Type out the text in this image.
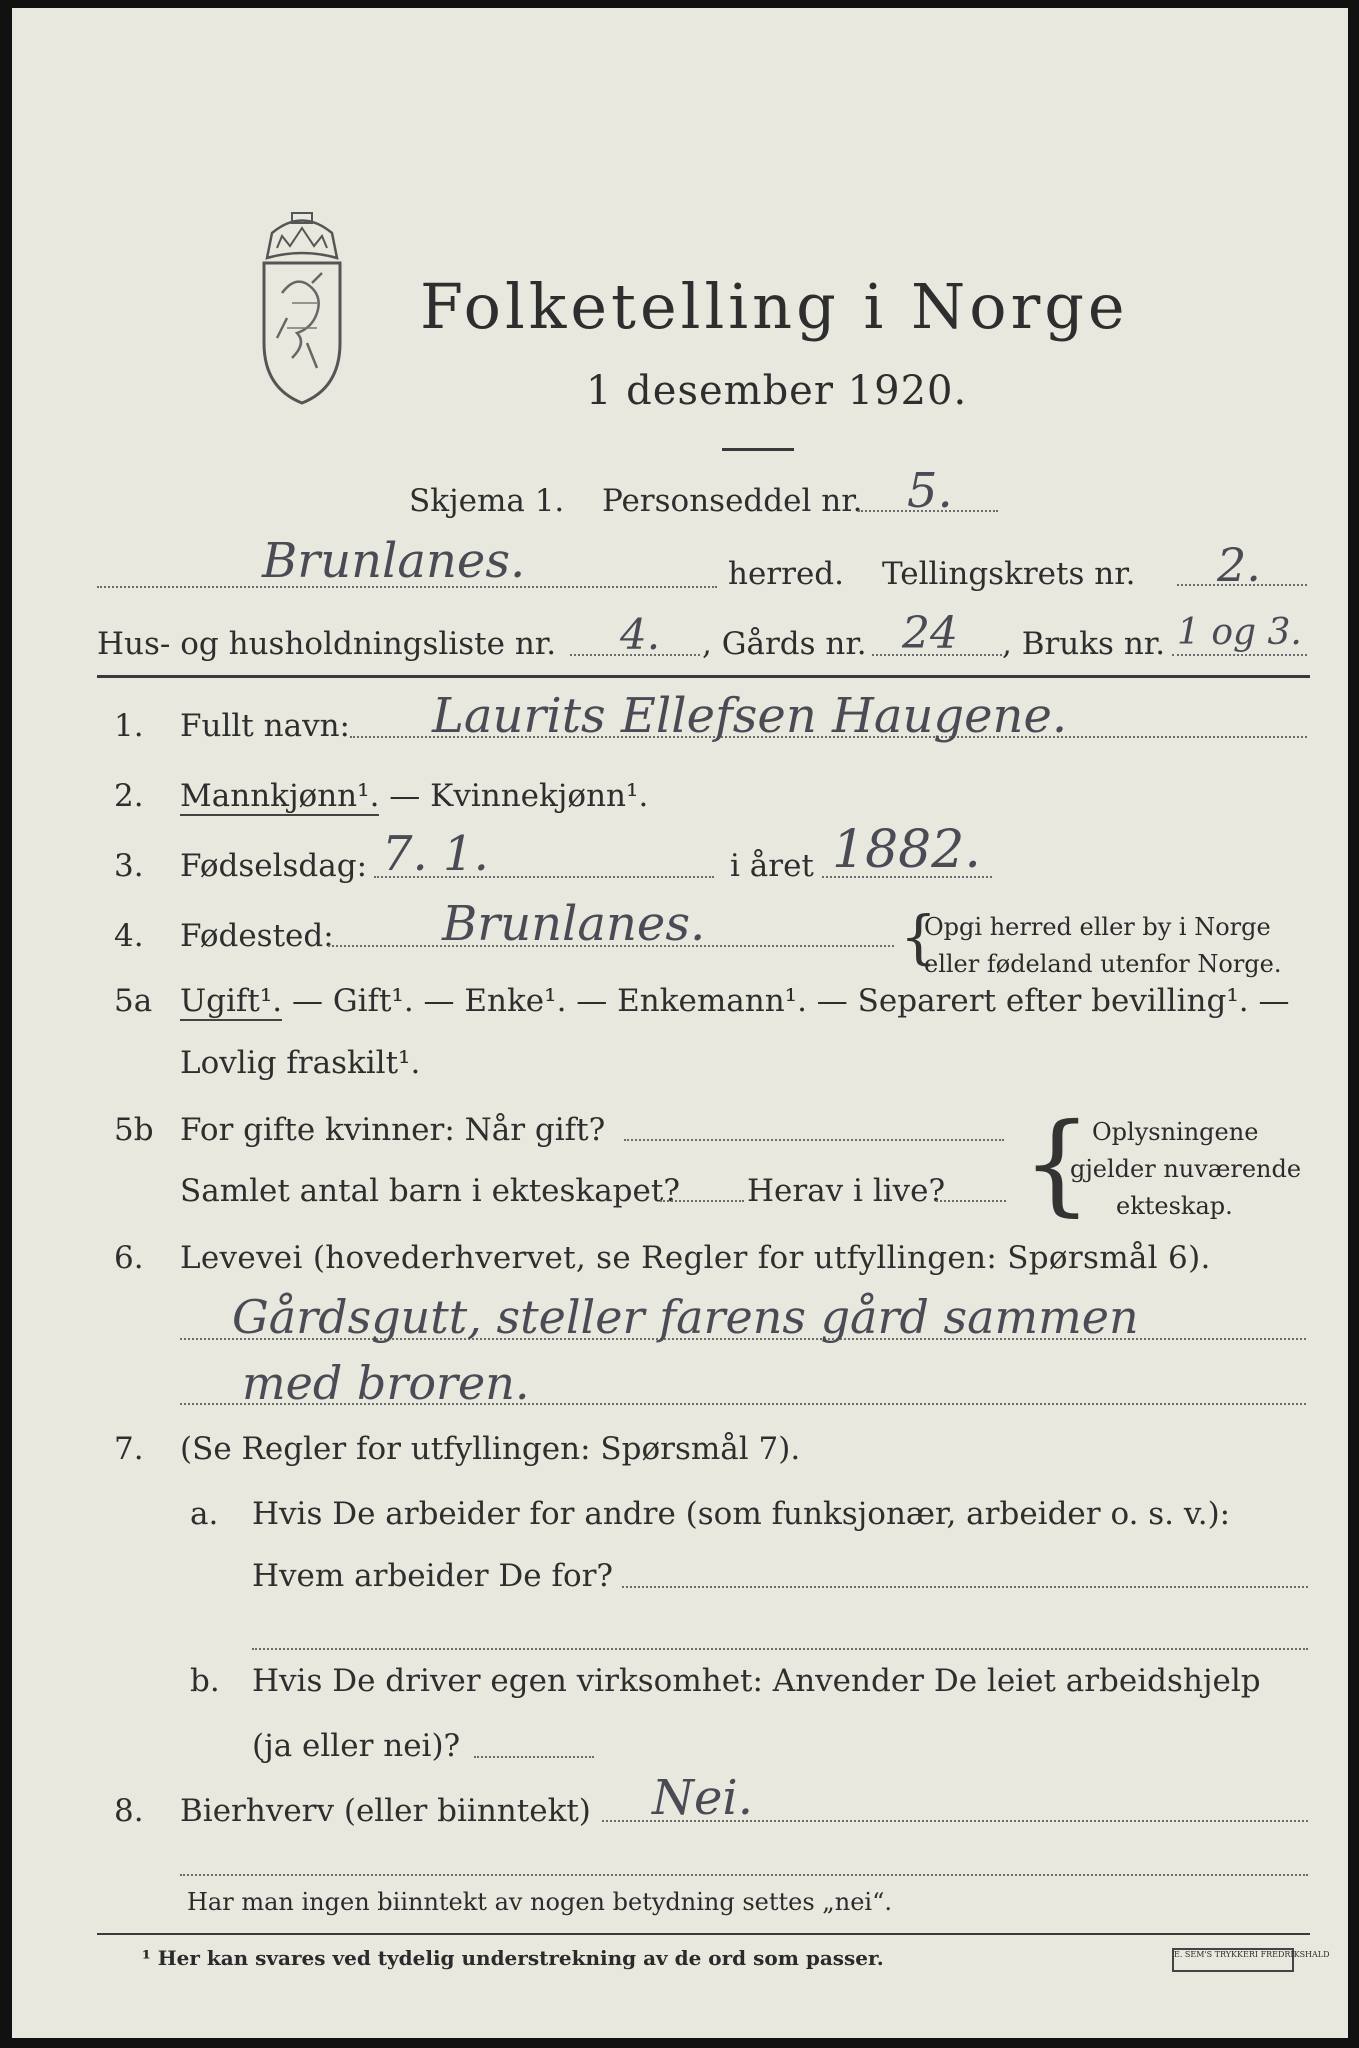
Folketelling i Norge
1 desember 1920.
Skjema 1. Personseddel nr. 5.
Brunlanes.	herred. Tellingskrets nr. 2.
Hus- og husholdningsliste nr. 4. , Gårds nr. 24 , Bruks nr. 1 og 3.
1. Fullt navn: Laurits Ellefsen Haugene.
2. Mannkjønn¹. — Kvinnekjønn¹.
3. Fødselsdag: 7. 1.	i året 1882.
4. Fødested: Brunlanes.	{
Opgi herred eller by i Norge
eller fødeland utenfor Norge.
5a Ugift¹. — Gift¹. — Enke¹. — Enkemann¹. — Separert efter bevilling¹. —
Lovlig fraskilt¹.
5b For gifte kvinner: Når gift?
Samlet antal barn i ekteskapet? Herav i live? { Oplysningene
gjelder nuværende
ekteskap.
6. Levevei (hovederhvervet, se Regler for utfyllingen: Spørsmål 6).
Gårdsgutt, steller farens gård sammen
med broren.
7. (Se Regler for utfyllingen: Spørsmål 7).
a. Hvis De arbeider for andre (som funksjonær, arbeider o. s. v.):
Hvem arbeider De for?
b. Hvis De driver egen virksomhet: Anvender De leiet arbeidshjelp
(ja eller nei)?
8. Bierhverv (eller biinntekt) Nei.
Har man ingen biinntekt av nogen betydning settes „nei“.
¹ Her kan svares ved tydelig understrekning av de ord som passer.	E. SEM'S TRYKKERI FREDRIKSHALD
